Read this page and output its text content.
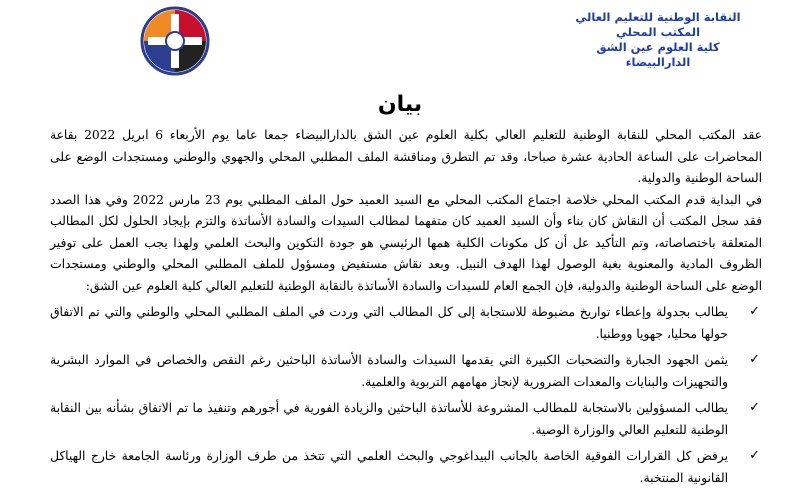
النقابة الوطنية للتعليم العالي
المكتب المحلي
كلية العلوم عين الشق
الدارالبيضاء
بيان

عقد المكتب المحلي للنقابة الوطنية للتعليم العالي بكلية العلوم عين الشق بالدارالبيضاء جمعا عاما يوم الأربعاء 6 ابريل 2022 بقاعة المحاضرات على الساعة الحادية عشرة صباحا، وقد تم التطرق ومناقشة الملف المطلبي المحلي والجهوي والوطني ومستجدات الوضع على الساحة الوطنية والدولية.

في البداية قدم المكتب المحلي خلاصة اجتماع المكتب المحلي مع السيد العميد حول الملف المطلبي يوم 23 مارس 2022 وفي هذا الصدد فقد سجل المكتب أن النقاش كان بناء وأن السيد العميد كان متفهما لمطالب السيدات والسادة الأساتذة والتزم بإيجاد الحلول لكل المطالب المتعلقة باختصاصاته، وتم التأكيد عل أن كل مكونات الكلية همها الرئيسي هو جودة التكوين والبحث العلمي ولهذا يجب العمل على توفير الظروف المادية والمعنوية بغية الوصول لهذا الهدف النبيل. وبعد نقاش مستفيض ومسؤول للملف المطلبي المحلي والوطني ومستجدات الوضع على الساحة الوطنية والدولية، فإن الجمع العام للسيدات والسادة الأساتذة بالنقابة الوطنية للتعليم العالي كلية العلوم عين الشق:

✓
يطالب بجدولة وإعطاء تواريخ مضبوطة للاستجابة إلى كل المطالب التي وردت في الملف المطلبي المحلي والوطني والتي تم الاتفاق حولها محليا، جهويا ووطنيا.
✓
يثمن الجهود الجبارة والتضحيات الكبيرة التي يقدمها السيدات والسادة الأساتذة الباحثين رغم النقص والخصاص في الموارد البشرية والتجهيزات والبنايات والمعدات الضرورية لإنجاز مهامهم التربوية والعلمية.
✓
يطالب المسؤولين بالاستجابة للمطالب المشروعة للأساتذة الباحثين والزيادة الفورية في أجورهم وتنفيذ ما تم الاتفاق بشأنه بين النقابة الوطنية للتعليم العالي والوزارة الوصية.
✓
يرفض كل القرارات الفوقية الخاصة بالجانب البيداغوجي والبحث العلمي التي تتخذ من طرف الوزارة ورئاسة الجامعة خارج الهياكل القانونية المنتخبة.
